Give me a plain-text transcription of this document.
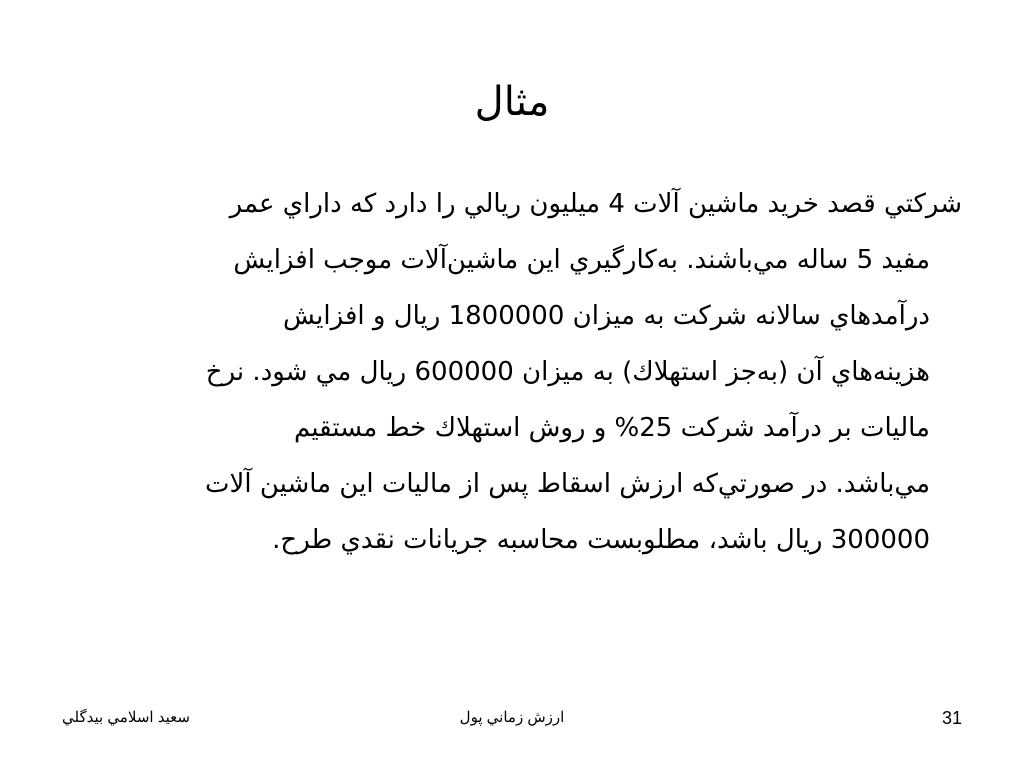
مثال
شركتي قصد خريد ماشين آلات 4 ميليون ريالي را دارد كه داراي عمر
مفيد 5 ساله مي‌باشند. به‌كارگيري اين ماشين‌آلات موجب افزايش
درآمدهاي سالانه شركت به ميزان 1800000 ريال و افزايش
هزينه‌هاي آن (به‌جز استهلاك) به ميزان 600000 ريال مي شود. نرخ
ماليات بر درآمد شركت 25% و روش استهلاك خط مستقيم
مي‌باشد. در صورتي‌كه ارزش اسقاط پس از ماليات اين ماشين آلات
300000 ريال باشد، مطلوبست محاسبه جريانات نقدي طرح.
سعيد اسلامي بيدگلي	ارزش زماني پول	31
